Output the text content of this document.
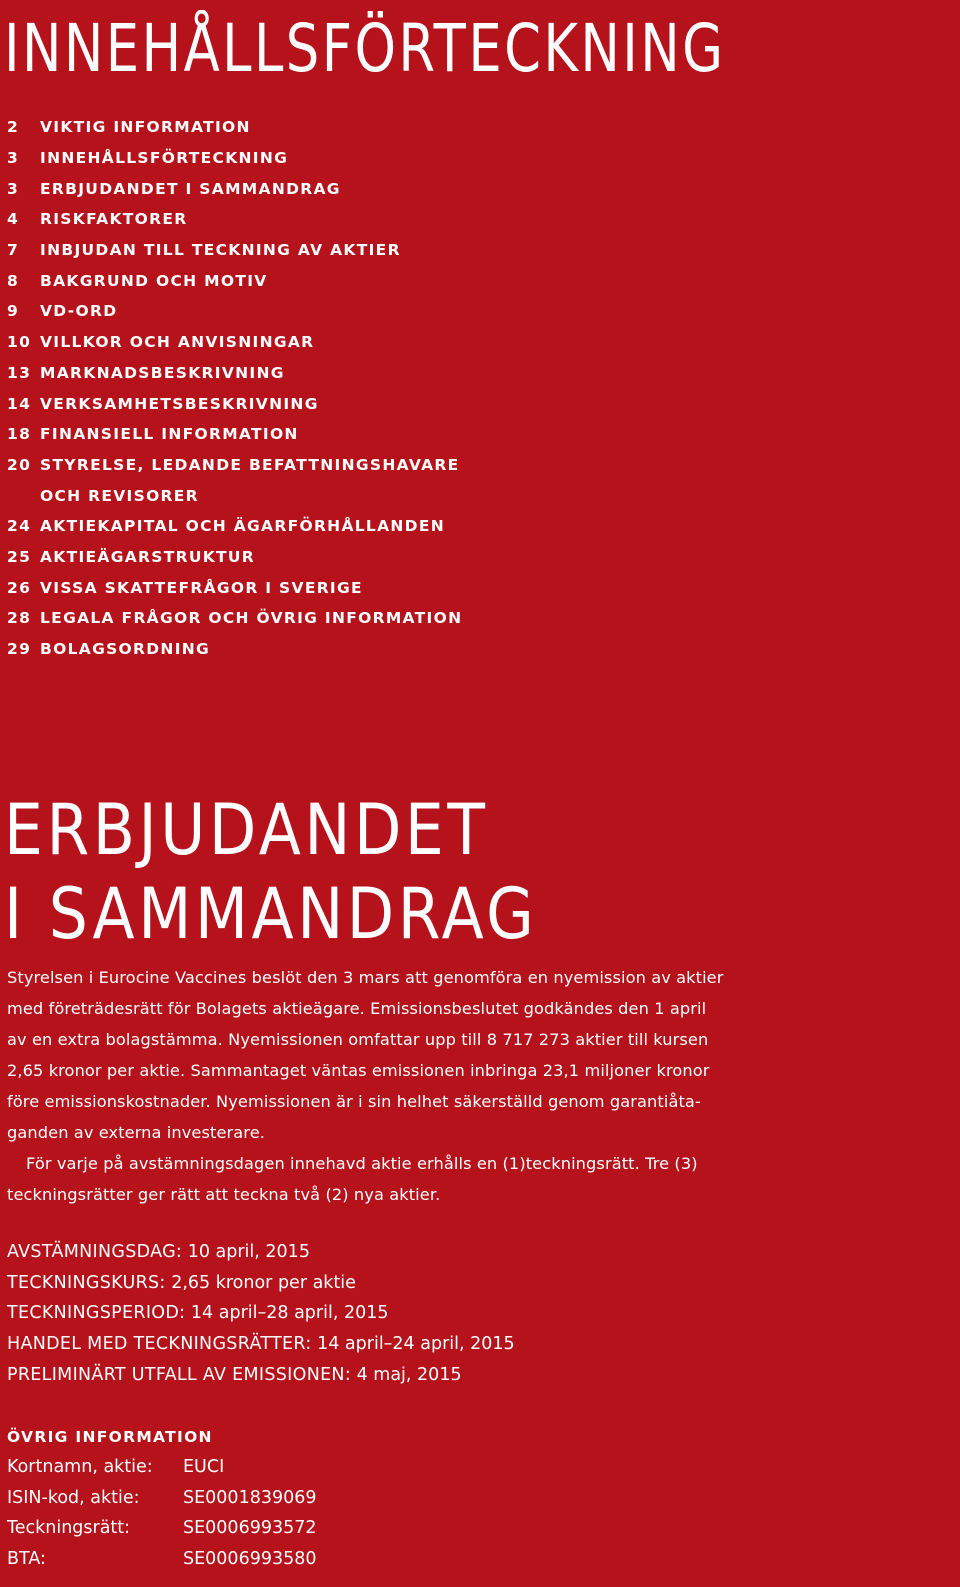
INNEHÅLLSFÖRTECKNING
2	VIKTIG INFORMATION
3	INNEHÅLLSFÖRTECKNING
3	ERBJUDANDET I SAMMANDRAG
4	RISKFAKTORER
7	INBJUDAN TILL TECKNING AV AKTIER
8	BAKGRUND OCH MOTIV
9	VD-ORD
10 VILLKOR OCH ANVISNINGAR
13 MARKNADSBESKRIVNING
14 VERKSAMHETSBESKRIVNING
18 FINANSIELL INFORMATION
20 STYRELSE, LEDANDE BEFATTNINGSHAVARE
OCH REVISORER
24 AKTIEKAPITAL OCH ÄGARFÖRHÅLLANDEN
25 AKTIEÄGARSTRUKTUR
26 VISSA SKATTEFRÅGOR I SVERIGE
28 LEGALA FRÅGOR OCH ÖVRIG INFORMATION
29 BOLAGSORDNING
ERBJUDANDET
I SAMMANDRAG

Styrelsen i Eurocine Vaccines beslöt den 3 mars att genomföra en nyemission av aktier
med företrädesrätt för Bolagets aktieägare. Emissionsbeslutet godkändes den 1 april
av en extra bolagstämma. Nyemissionen omfattar upp till 8 717 273 aktier till kursen
2,65 kronor per aktie. Sammantaget väntas emissionen inbringa 23,1 miljoner kronor
före emissionskostnader. Nyemissionen är i sin helhet säkerställd genom garantiåta-
ganden av externa investerare.

För varje på avstämningsdagen innehavd aktie erhålls en (1)teckningsrätt. Tre (3)
teckningsrätter ger rätt att teckna två (2) nya aktier.

AVSTÄMNINGSDAG: 10 april, 2015
TECKNINGSKURS: 2,65 kronor per aktie
TECKNINGSPERIOD: 14 april–28 april, 2015
HANDEL MED TECKNINGSRÄTTER: 14 april–24 april, 2015
PRELIMINÄRT UTFALL AV EMISSIONEN: 4 maj, 2015
ÖVRIG INFORMATION
Kortnamn, aktie:	EUCI
ISIN-kod, aktie:	SE0001839069
Teckningsrätt:	SE0006993572
BTA:	SE0006993580
